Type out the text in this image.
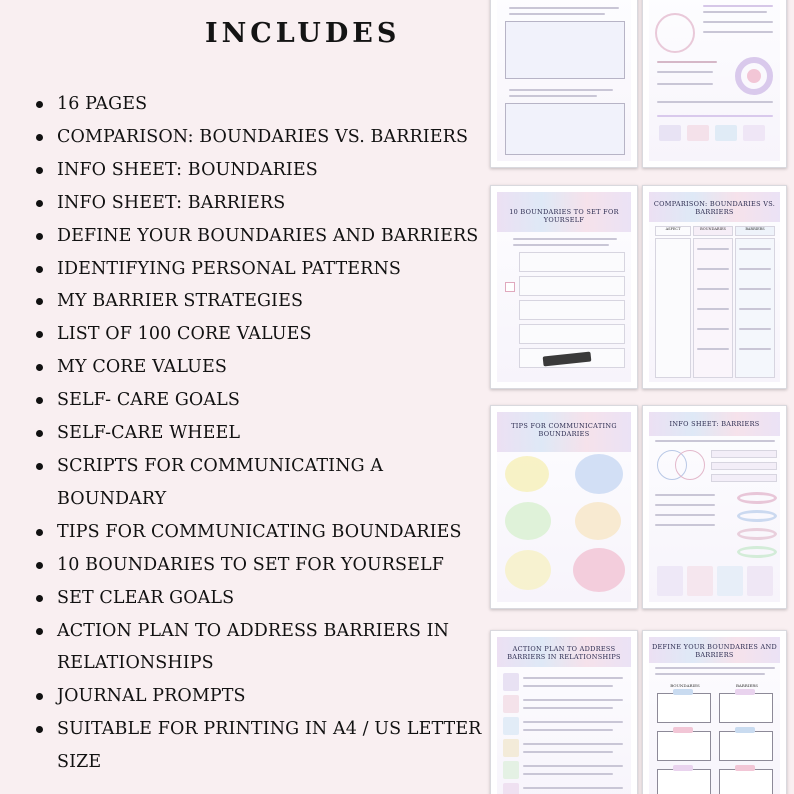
INCLUDES
16 PAGES
COMPARISON: BOUNDARIES VS. BARRIERS
INFO SHEET: BOUNDARIES
INFO SHEET: BARRIERS
DEFINE YOUR BOUNDARIES AND BARRIERS
IDENTIFYING PERSONAL PATTERNS
MY BARRIER STRATEGIES
LIST OF 100 CORE VALUES
MY CORE VALUES
SELF- CARE GOALS
SELF-CARE WHEEL
SCRIPTS FOR COMMUNICATING A BOUNDARY
TIPS FOR COMMUNICATING BOUNDARIES
10 BOUNDARIES TO SET FOR YOURSELF
SET CLEAR GOALS
ACTION PLAN TO ADDRESS BARRIERS IN RELATIONSHIPS
JOURNAL PROMPTS
SUITABLE FOR PRINTING IN A4 / US LETTER SIZE
10 BOUNDARIES TO SET FOR YOURSELF
COMPARISON: BOUNDARIES VS. BARRIERS
ASPECT	BOUNDARIES	BARRIERS
TIPS FOR COMMUNICATING BOUNDARIES
INFO SHEET: BARRIERS
ACTION PLAN TO ADDRESS BARRIERS IN RELATIONSHIPS
DEFINE YOUR BOUNDARIES AND BARRIERS
BOUNDARIES	BARRIERS
